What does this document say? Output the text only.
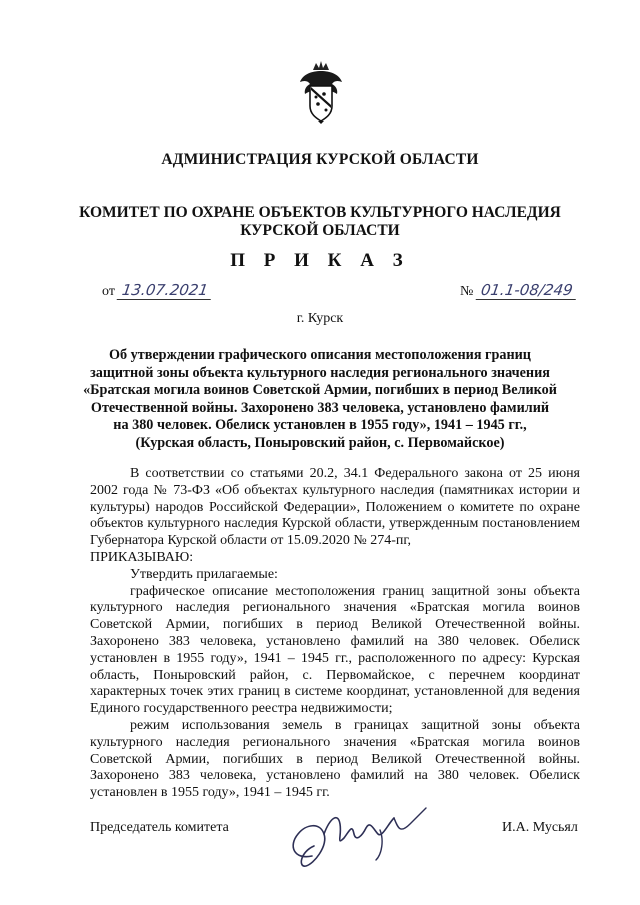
АДМИНИСТРАЦИЯ КУРСКОЙ ОБЛАСТИ
КОМИТЕТ ПО ОХРАНЕ ОБЪЕКТОВ КУЛЬТУРНОГО НАСЛЕДИЯ
КУРСКОЙ ОБЛАСТИ
П Р И К А З
от 13.07.2021	№ 01.1-08/249
г. Курск
Об утверждении графического описания местоположения границ
защитной зоны объекта культурного наследия регионального значения
«Братская могила воинов Советской Армии, погибших в период Великой
Отечественной войны. Захоронено 383 человека, установлено фамилий
на 380 человек. Обелиск установлен в 1955 году», 1941 – 1945 гг.,
(Курская область, Поныровский район, с. Первомайское)

В соответствии со статьями 20.2, 34.1 Федерального закона от 25 июня 2002 года № 73-ФЗ «Об объектах культурного наследия (памятниках истории и культуры) народов Российской Федерации», Положением о комитете по охране объектов культурного наследия Курской области, утвержденным постановлением Губернатора Курской области от 15.09.2020 № 274-пг,

ПРИКАЗЫВАЮ:

Утвердить прилагаемые:

графическое описание местоположения границ защитной зоны объекта культурного наследия регионального значения «Братская могила воинов Советской Армии, погибших в период Великой Отечественной войны. Захоронено 383 человека, установлено фамилий на 380 человек. Обелиск установлен в 1955 году», 1941 – 1945 гг., расположенного по адресу: Курская область, Поныровский район, с. Первомайское, с перечнем координат характерных точек этих границ в системе координат, установленной для ведения Единого государственного реестра недвижимости;

режим использования земель в границах защитной зоны объекта культурного наследия регионального значения «Братская могила воинов Советской Армии, погибших в период Великой Отечественной войны. Захоронено 383 человека, установлено фамилий на 380 человек. Обелиск установлен в 1955 году», 1941 – 1945 гг.

Председатель комитета	И.А. Мусьял
